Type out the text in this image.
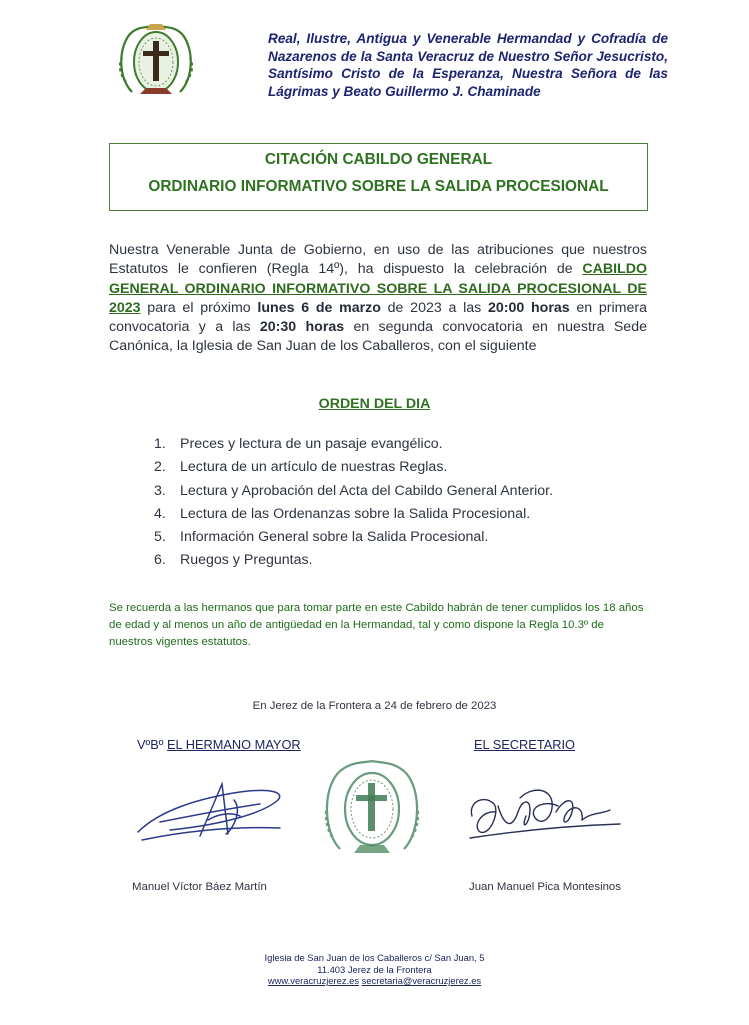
Real, Ilustre, Antigua y Venerable Hermandad y Cofradía de Nazarenos de la Santa Veracruz de Nuestro Señor Jesucristo, Santísimo Cristo de la Esperanza, Nuestra Señora de las Lágrimas y Beato Guillermo J. Chaminade
CITACIÓN CABILDO GENERAL
ORDINARIO INFORMATIVO SOBRE LA SALIDA PROCESIONAL

Nuestra Venerable Junta de Gobierno, en uso de las atribuciones que nuestros Estatutos le confieren (Regla 14º), ha dispuesto la celebración de CABILDO GENERAL ORDINARIO INFORMATIVO SOBRE LA SALIDA PROCESIONAL DE 2023 para el próximo lunes 6 de marzo de 2023 a las 20:00 horas en primera convocatoria y a las 20:30 horas en segunda convocatoria en nuestra Sede Canónica, la Iglesia de San Juan de los Caballeros, con el siguiente

ORDEN DEL DIA
1. Preces y lectura de un pasaje evangélico.
2. Lectura de un artículo de nuestras Reglas.
3. Lectura y Aprobación del Acta del Cabildo General Anterior.
4. Lectura de las Ordenanzas sobre la Salida Procesional.
5. Información General sobre la Salida Procesional.
6. Ruegos y Preguntas.

Se recuerda a las hermanos que para tomar parte en este Cabildo habrán de tener cumplidos los 18 años de edad y al menos un año de antigüedad en la Hermandad, tal y como dispone la Regla 10.3º de nuestros vigentes estatutos.

En Jerez de la Frontera a 24 de febrero de 2023
VºBº EL HERMANO MAYOR	EL SECRETARIO
Manuel Víctor Báez Martín	Juan Manuel Pica Montesinos
Iglesia de San Juan de los Caballeros c/ San Juan, 5
11.403 Jerez de la Frontera
www.veracruzjerez.es secretaria@veracruzjerez.es
